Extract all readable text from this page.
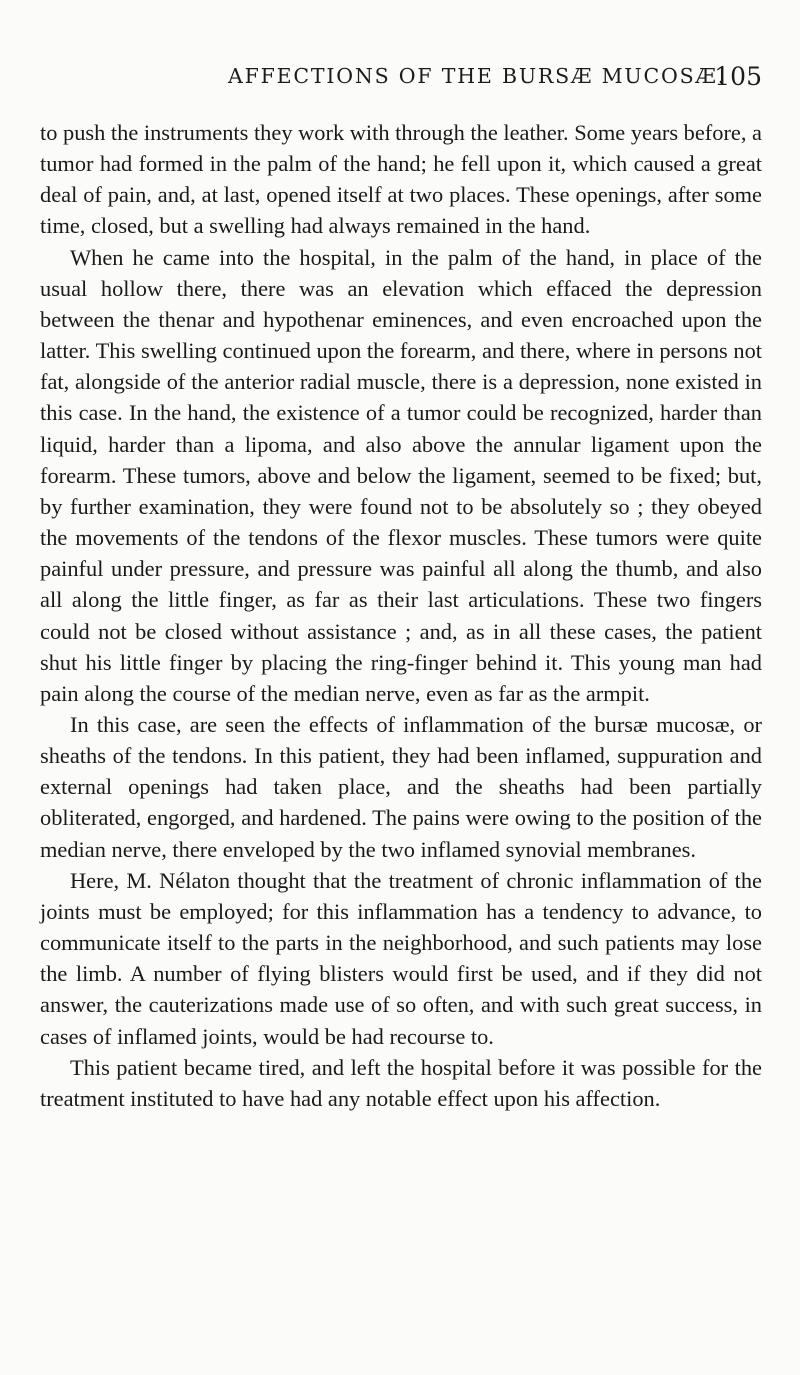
AFFECTIONS OF THE BURSÆ MUCOSÆ.
105

to push the instruments they work with through the leather. Some years before, a tumor had formed in the palm of the hand; he fell upon it, which caused a great deal of pain, and, at last, opened itself at two places. These openings, after some time, closed, but a swelling had always remained in the hand.

When he came into the hospital, in the palm of the hand, in place of the usual hollow there, there was an elevation which effaced the depression between the thenar and hypothenar eminences, and even encroached upon the latter. This swelling continued upon the forearm, and there, where in persons not fat, alongside of the anterior radial muscle, there is a depression, none existed in this case. In the hand, the existence of a tumor could be recognized, harder than liquid, harder than a lipoma, and also above the annular ligament upon the forearm. These tumors, above and below the ligament, seemed to be fixed; but, by further examination, they were found not to be absolutely so ; they obeyed the movements of the tendons of the flexor muscles. These tumors were quite painful under pressure, and pressure was painful all along the thumb, and also all along the little finger, as far as their last articulations. These two fingers could not be closed without assistance ; and, as in all these cases, the patient shut his little finger by placing the ring-finger behind it. This young man had pain along the course of the median nerve, even as far as the armpit.

In this case, are seen the effects of inflammation of the bursæ mucosæ, or sheaths of the tendons. In this patient, they had been inflamed, suppuration and external openings had taken place, and the sheaths had been partially obliterated, engorged, and hardened. The pains were owing to the position of the median nerve, there enveloped by the two inflamed synovial membranes.

Here, M. Nélaton thought that the treatment of chronic inflammation of the joints must be employed; for this inflammation has a tendency to advance, to communicate itself to the parts in the neighborhood, and such patients may lose the limb. A number of flying blisters would first be used, and if they did not answer, the cauterizations made use of so often, and with such great success, in cases of inflamed joints, would be had recourse to.

This patient became tired, and left the hospital before it was possible for the treatment instituted to have had any notable effect upon his affection.
